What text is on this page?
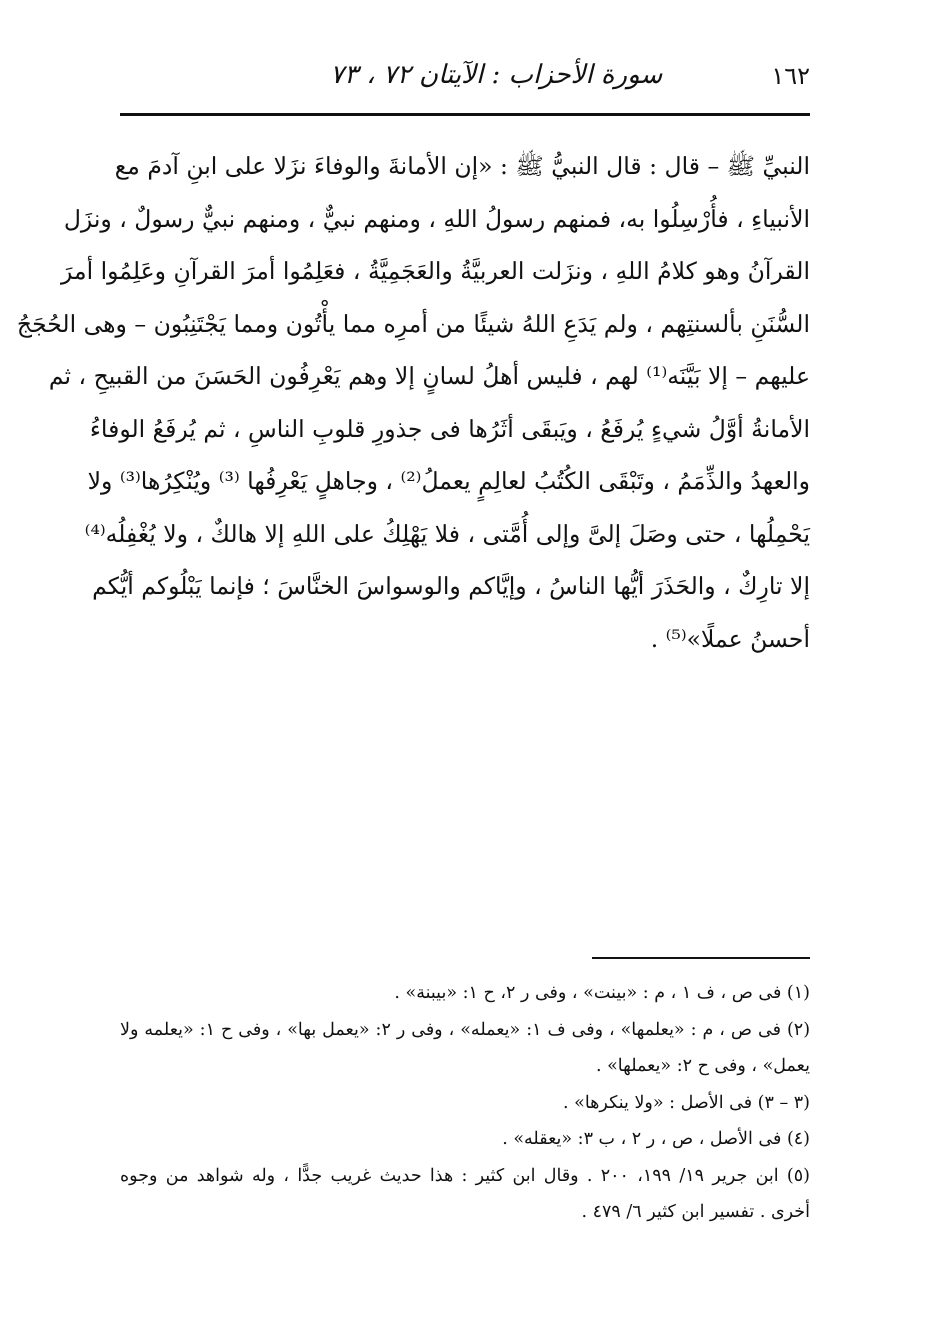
١٦٢
سورة الأحزاب : الآيتان ٧٢ ، ٧٣
النبيِّ ﷺ – قال : قال النبيُّ ﷺ : «إن الأمانةَ والوفاءَ نزَلا على ابنِ آدمَ مع
الأنبياءِ ، فأُرْسِلُوا به، فمنهم رسولُ اللهِ ، ومنهم نبيٌّ ، ومنهم نبيٌّ رسولٌ ، ونزَل
القرآنُ وهو كلامُ اللهِ ، ونزَلت العربيَّةُ والعَجَمِيَّةُ ، فعَلِمُوا أمرَ القرآنِ وعَلِمُوا أمرَ
السُّنَنِ بألسنتِهم ، ولم يَدَعِ اللهُ شيئًا من أمرِه مما يأْتُون ومما يَجْتَنِبُون – وهى الحُجَجُ
عليهم – إلا بَيَّنَه⁽¹⁾ لهم ، فليس أهلُ لسانٍ إلا وهم يَعْرِفُون الحَسَنَ من القبيحِ ، ثم
الأمانةُ أوَّلُ شيءٍ يُرفَعُ ، ويَبقَى أثَرُها فى جذورِ قلوبِ الناسِ ، ثم يُرفَعُ الوفاءُ
والعهدُ والذِّمَمُ ، وتَبْقَى الكُتُبُ لعالِمٍ يعملُ⁽²⁾ ، وجاهلٍ يَعْرِفُها ⁽³⁾ ويُنْكِرُها⁽³⁾ ولا
يَحْمِلُها ، حتى وصَلَ إلىَّ وإلى أُمَّتى ، فلا يَهْلِكُ على اللهِ إلا هالكٌ ، ولا يُغْفِلُه⁽⁴⁾
إلا تارِكٌ ، والحَذَرَ أيُّها الناسُ ، وإيَّاكم والوسواسَ الخنَّاسَ ؛ فإنما يَبْلُوكم أيُّكم
أحسنُ عملًا»⁽⁵⁾ .
(١) فى ص ، ف ١ ، م : «بينت» ، وفى ر ٢، ح ١: «بيبنة» .
(٢) فى ص ، م : «يعلمها» ، وفى ف ١: «يعمله» ، وفى ر ٢: «يعمل بها» ، وفى ح ١: «يعلمه ولا
يعمل» ، وفى ح ٢: «يعملها» .
(٣ – ٣) فى الأصل : «ولا ينكرها» .
(٤) فى الأصل ، ص ، ر ٢ ، ب ٣: «يعقله» .
(٥) ابن جرير ١٩/ ١٩٩، ٢٠٠ . وقال ابن كثير : هذا حديث غريب جدًّا ، وله شواهد من وجوه
أخرى . تفسير ابن كثير ٦/ ٤٧٩ .
